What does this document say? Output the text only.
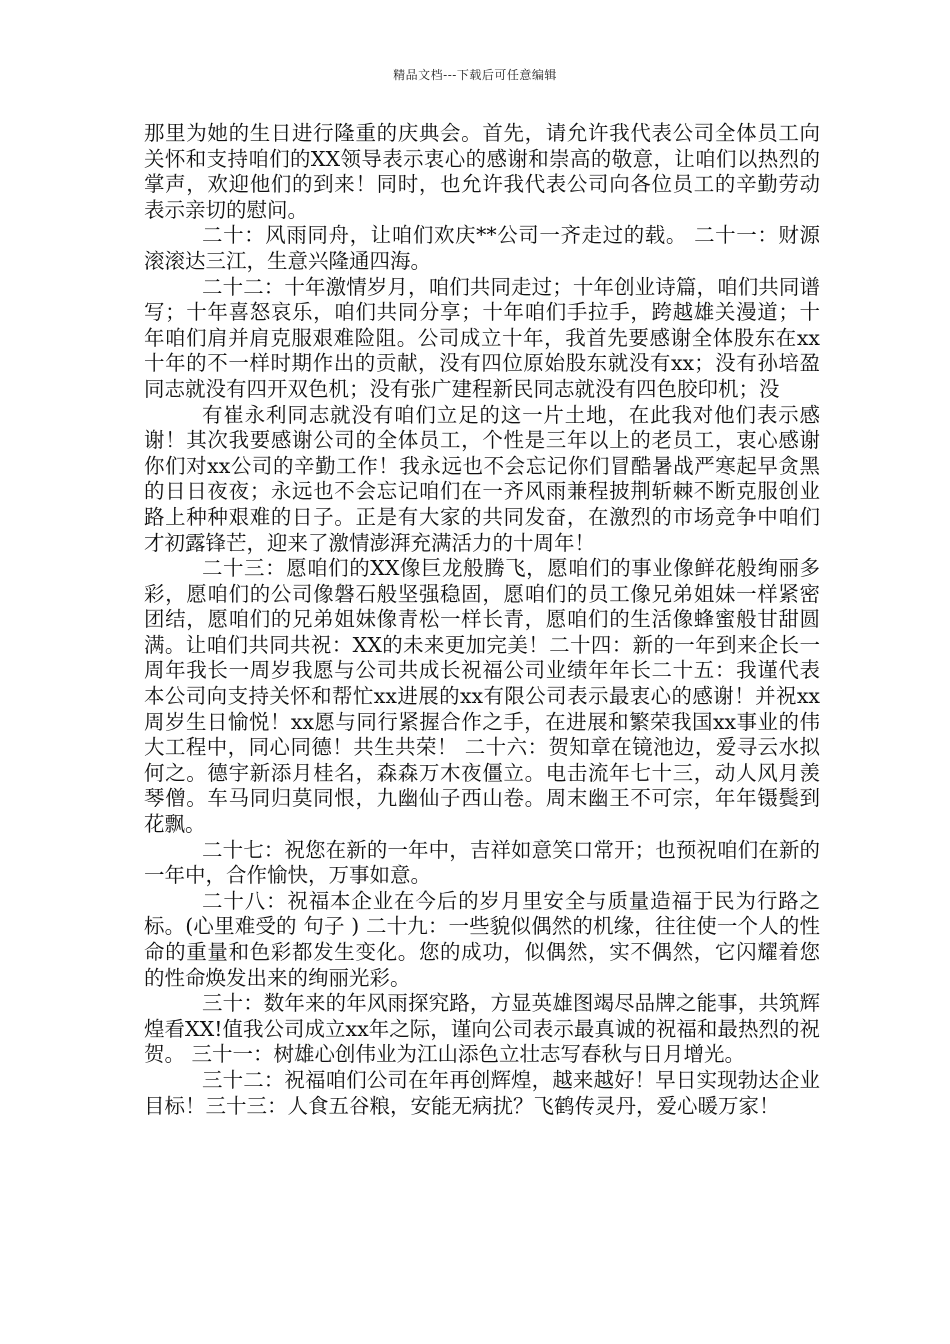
精品文档---下载后可任意编辑

那里为她的生日进行隆重的庆典会。首先，请允许我代表公司全体员工向关怀和支持咱们的XX领导表示衷心的感谢和崇高的敬意，让咱们以热烈的掌声，欢迎他们的到来！同时，也允许我代表公司向各位员工的辛勤劳动表示亲切的慰问。

二十：风雨同舟，让咱们欢庆**公司一齐走过的载。 二十一：财源滚滚达三江，生意兴隆通四海。

二十二：十年激情岁月，咱们共同走过；十年创业诗篇，咱们共同谱写；十年喜怒哀乐，咱们共同分享；十年咱们手拉手，跨越雄关漫道；十年咱们肩并肩克服艰难险阻。公司成立十年，我首先要感谢全体股东在xx十年的不一样时期作出的贡献，没有四位原始股东就没有xx；没有孙培盈同志就没有四开双色机；没有张广建程新民同志就没有四色胶印机；没

有崔永利同志就没有咱们立足的这一片土地，在此我对他们表示感谢！其次我要感谢公司的全体员工，个性是三年以上的老员工，衷心感谢你们对xx公司的辛勤工作！我永远也不会忘记你们冒酷暑战严寒起早贪黑的日日夜夜；永远也不会忘记咱们在一齐风雨兼程披荆斩棘不断克服创业路上种种艰难的日子。正是有大家的共同发奋，在激烈的市场竞争中咱们才初露锋芒，迎来了激情澎湃充满活力的十周年！

二十三：愿咱们的XX像巨龙般腾飞，愿咱们的事业像鲜花般绚丽多彩，愿咱们的公司像磐石般坚强稳固，愿咱们的员工像兄弟姐妹一样紧密团结，愿咱们的兄弟姐妹像青松一样长青，愿咱们的生活像蜂蜜般甘甜圆满。让咱们共同共祝：XX的未来更加完美！二十四：新的一年到来企长一周年我长一周岁我愿与公司共成长祝福公司业绩年年长二十五：我谨代表本公司向支持关怀和帮忙xx进展的xx有限公司表示最衷心的感谢！并祝xx周岁生日愉悦！xx愿与同行紧握合作之手，在进展和繁荣我国xx事业的伟大工程中，同心同德！共生共荣！ 二十六：贺知章在镜池边，爱寻云水拟何之。德宇新添月桂名，森森万木夜僵立。电击流年七十三，动人风月羡琴僧。车马同归莫同恨，九幽仙子西山卷。周末幽王不可宗，年年镊鬓到花飘。

二十七：祝您在新的一年中，吉祥如意笑口常开；也预祝咱们在新的一年中，合作愉快，万事如意。

二十八：祝福本企业在今后的岁月里安全与质量造福于民为行路之标。(心里难受的 句子 ) 二十九：一些貌似偶然的机缘，往往使一个人的性命的重量和色彩都发生变化。您的成功，似偶然，实不偶然，它闪耀着您的性命焕发出来的绚丽光彩。

三十：数年来的年风雨探究路，方显英雄图竭尽品牌之能事，共筑辉煌看XX!值我公司成立xx年之际，谨向公司表示最真诚的祝福和最热烈的祝贺。 三十一：树雄心创伟业为江山添色立壮志写春秋与日月增光。

三十二：祝福咱们公司在年再创辉煌，越来越好！早日实现勃达企业目标！三十三：人食五谷粮，安能无病扰？飞鹤传灵丹，爱心暖万家！
